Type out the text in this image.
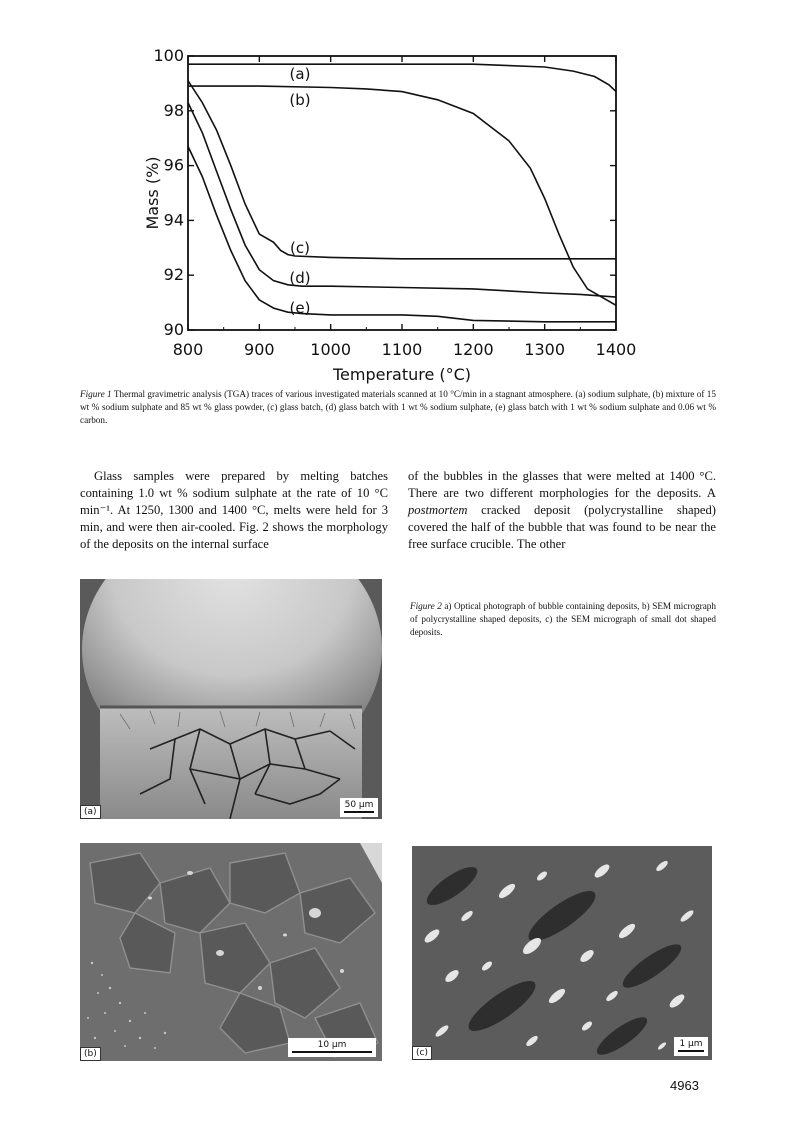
800	900 1000 1100 1200 1300 1400
90
92
94
96
98
100
Temperature (°C)
Mass (%)
(a)
(b)
(c)
(d)
(e)
Figure 1 Thermal gravimetric analysis (TGA) traces of various investigated materials scanned at 10 °C/min in a stagnant atmosphere. (a) sodium sulphate, (b) mixture of 15 wt % sodium sulphate and 85 wt % glass powder, (c) glass batch, (d) glass batch with 1 wt % sodium sulphate, (e) glass batch with 1 wt % sodium sulphate and 0.06 wt % carbon.

Glass samples were prepared by melting batches containing 1.0 wt % sodium sulphate at the rate of 10 °C min⁻¹. At 1250, 1300 and 1400 °C, melts were held for 3 min, and were then air-cooled. Fig. 2 shows the morphology of the deposits on the internal surface

of the bubbles in the glasses that were melted at 1400 °C. There are two different morphologies for the deposits. A postmortem cracked deposit (polycrystalline shaped) covered the half of the bubble that was found to be near the free surface crucible. The other

Figure 2 a) Optical photograph of bubble containing deposits, b) SEM micrograph of polycrystalline shaped deposits, c) the SEM micrograph of small dot shaped deposits.
(a)
50 µm
(b)
10 µm
(c)
1 µm
4963
